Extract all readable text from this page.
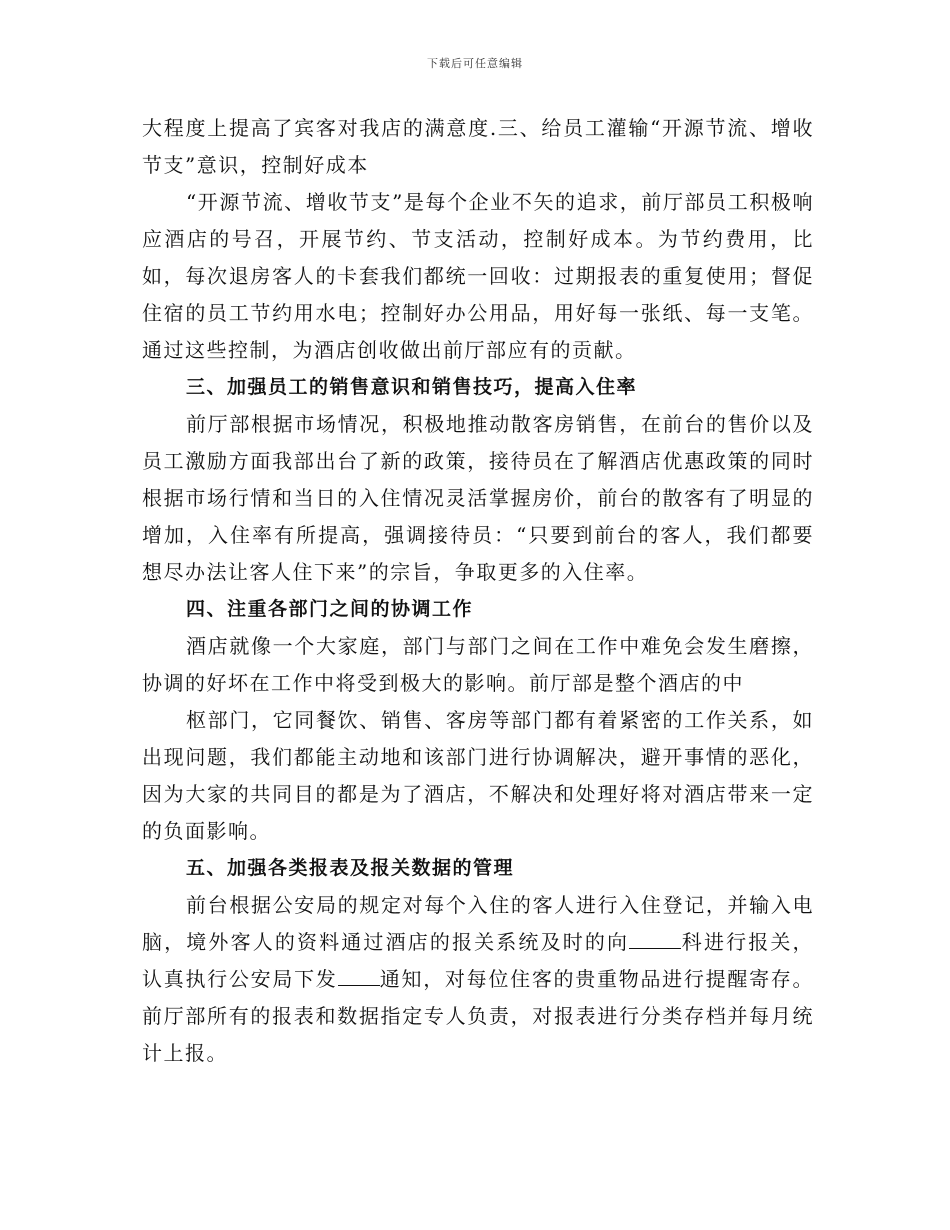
下载后可任意编辑

大程度上提高了宾客对我店的满意度.三、给员工灌输“开源节流、增收节支”意识，控制好成本

“开源节流、增收节支”是每个企业不矢的追求，前厅部员工积极响应酒店的号召，开展节约、节支活动，控制好成本。为节约费用，比如，每次退房客人的卡套我们都统一回收：过期报表的重复使用；督促住宿的员工节约用水电；控制好办公用品，用好每一张纸、每一支笔。通过这些控制，为酒店创收做出前厅部应有的贡献。

三、加强员工的销售意识和销售技巧，提高入住率

前厅部根据市场情况，积极地推动散客房销售，在前台的售价以及员工激励方面我部出台了新的政策，接待员在了解酒店优惠政策的同时根据市场行情和当日的入住情况灵活掌握房价，前台的散客有了明显的增加，入住率有所提高，强调接待员：“只要到前台的客人，我们都要想尽办法让客人住下来”的宗旨，争取更多的入住率。

四、注重各部门之间的协调工作

酒店就像一个大家庭，部门与部门之间在工作中难免会发生磨擦，协调的好坏在工作中将受到极大的影响。前厅部是整个酒店的中

枢部门，它同餐饮、销售、客房等部门都有着紧密的工作关系，如出现问题，我们都能主动地和该部门进行协调解决，避开事情的恶化，因为大家的共同目的都是为了酒店，不解决和处理好将对酒店带来一定的负面影响。

五、加强各类报表及报关数据的管理

前台根据公安局的规定对每个入住的客人进行入住登记，并输入电脑，境外客人的资料通过酒店的报关系统及时的向	科进行报关，认真执行公安局下发 通知，对每位住客的贵重物品进行提醒寄存。前厅部所有的报表和数据指定专人负责，对报表进行分类存档并每月统计上报。
